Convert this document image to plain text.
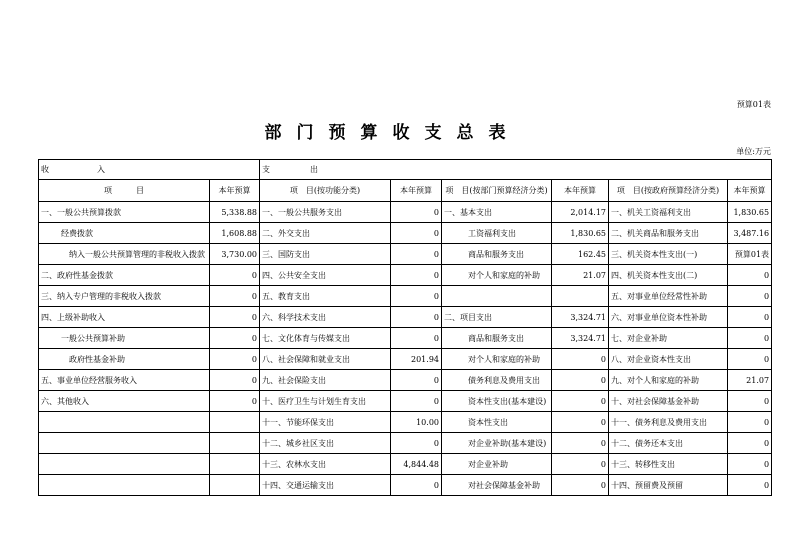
预算01表
部门预算收支总表
单位:万元
收　　　　　　入		支　　　　　出					
项　　　目	本年预算	项　目(按功能分类)	本年预算	项　目(按部门预算经济分类)	本年预算	项　目(按政府预算经济分类)	本年预算
一、一般公共预算拨款	5,338.88	一、一般公共服务支出	0	一、基本支出	2,014.17	一、机关工资福利支出	1,830.65
经费拨款	1,608.88	二、外交支出	0	工资福利支出	1,830.65	二、机关商品和服务支出	3,487.16
纳入一般公共预算管理的非税收入拨款	3,730.00	三、国防支出	0	商品和服务支出	162.45	三、机关资本性支出(一)	预算01表
二、政府性基金拨款	0	四、公共安全支出	0	对个人和家庭的补助	21.07	四、机关资本性支出(二)	0
三、纳入专户管理的非税收入拨款	0	五、教育支出	0			五、对事业单位经常性补助	0
四、上级补助收入	0	六、科学技术支出	0	二、项目支出	3,324.71	六、对事业单位资本性补助	0
一般公共预算补助	0	七、文化体育与传媒支出	0	商品和服务支出	3,324.71	七、对企业补助	0
政府性基金补助	0	八、社会保障和就业支出	201.94	对个人和家庭的补助	0	八、对企业资本性支出	0
五、事业单位经营服务收入	0	九、社会保险支出	0	债务利息及费用支出	0	九、对个人和家庭的补助	21.07
六、其他收入	0	十、医疗卫生与计划生育支出	0	资本性支出(基本建设)	0	十、对社会保障基金补助	0
		十一、节能环保支出	10.00	资本性支出	0	十一、债务利息及费用支出	0
		十二、城乡社区支出	0	对企业补助(基本建设)	0	十二、债务还本支出	0
		十三、农林水支出	4,844.48	对企业补助	0	十三、转移性支出	0
		十四、交通运输支出	0	对社会保障基金补助	0	十四、预留费及预留	0
